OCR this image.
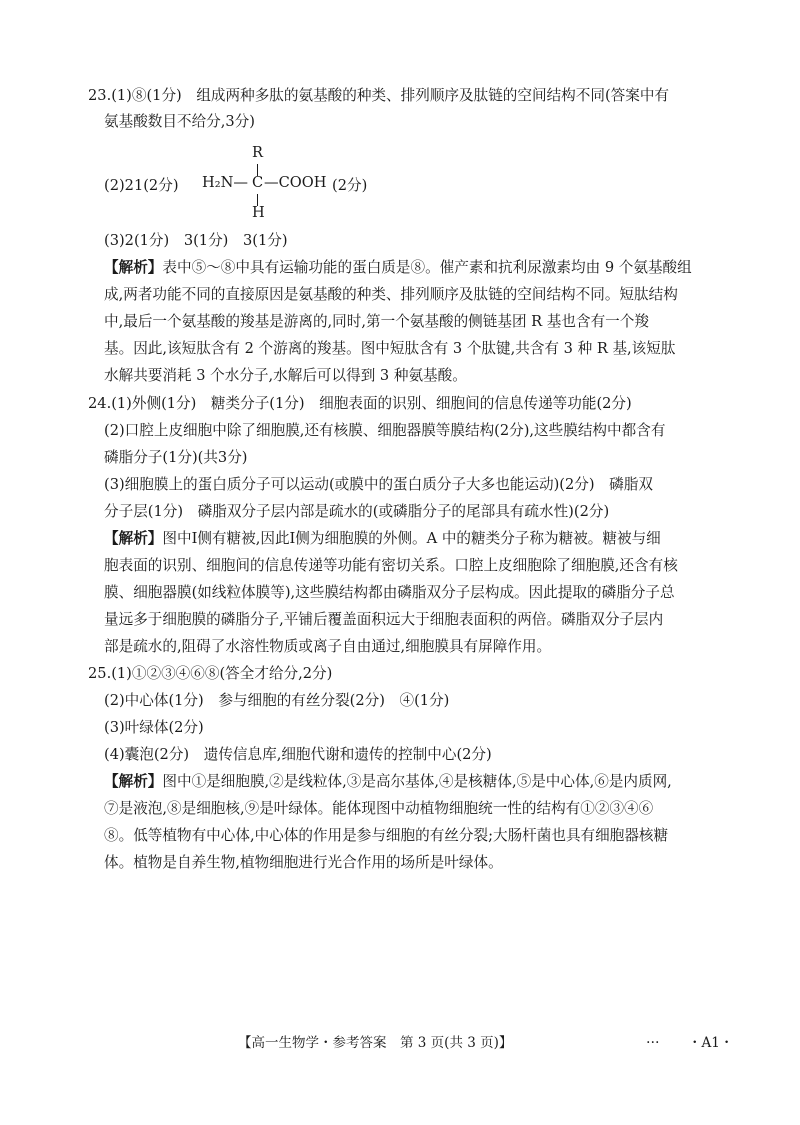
23.(1)⑧(1分)　组成两种多肽的氨基酸的种类、排列顺序及肽链的空间结构不同(答案中有
氨基酸数目不给分,3分)
(2)21(2分)
R
H₂N— C —COOH (2分)
H
(3)2(1分)　3(1分)　3(1分)
【解析】表中⑤～⑧中具有运输功能的蛋白质是⑧。催产素和抗利尿激素均由 9 个氨基酸组
成,两者功能不同的直接原因是氨基酸的种类、排列顺序及肽链的空间结构不同。短肽结构
中,最后一个氨基酸的羧基是游离的,同时,第一个氨基酸的侧链基团 R 基也含有一个羧
基。因此,该短肽含有 2 个游离的羧基。图中短肽含有 3 个肽键,共含有 3 种 R 基,该短肽
水解共要消耗 3 个水分子,水解后可以得到 3 种氨基酸。
24.(1)外侧(1分)　糖类分子(1分)　细胞表面的识别、细胞间的信息传递等功能(2分)
(2)口腔上皮细胞中除了细胞膜,还有核膜、细胞器膜等膜结构(2分),这些膜结构中都含有
磷脂分子(1分)(共3分)
(3)细胞膜上的蛋白质分子可以运动(或膜中的蛋白质分子大多也能运动)(2分)　磷脂双
分子层(1分)　磷脂双分子层内部是疏水的(或磷脂分子的尾部具有疏水性)(2分)
【解析】图中Ⅰ侧有糖被,因此Ⅰ侧为细胞膜的外侧。A 中的糖类分子称为糖被。糖被与细
胞表面的识别、细胞间的信息传递等功能有密切关系。口腔上皮细胞除了细胞膜,还含有核
膜、细胞器膜(如线粒体膜等),这些膜结构都由磷脂双分子层构成。因此提取的磷脂分子总
量远多于细胞膜的磷脂分子,平铺后覆盖面积远大于细胞表面积的两倍。磷脂双分子层内
部是疏水的,阻碍了水溶性物质或离子自由通过,细胞膜具有屏障作用。
25.(1)①②③④⑥⑧(答全才给分,2分)
(2)中心体(1分)　参与细胞的有丝分裂(2分)　④(1分)
(3)叶绿体(2分)
(4)囊泡(2分)　遗传信息库,细胞代谢和遗传的控制中心(2分)
【解析】图中①是细胞膜,②是线粒体,③是高尔基体,④是核糖体,⑤是中心体,⑥是内质网,
⑦是液泡,⑧是细胞核,⑨是叶绿体。能体现图中动植物细胞统一性的结构有①②③④⑥
⑧。低等植物有中心体,中心体的作用是参与细胞的有丝分裂;大肠杆菌也具有细胞器核糖
体。植物是自养生物,植物细胞进行光合作用的场所是叶绿体。
【高一生物学・参考答案　第 3 页(共 3 页)】	… ・A1・
